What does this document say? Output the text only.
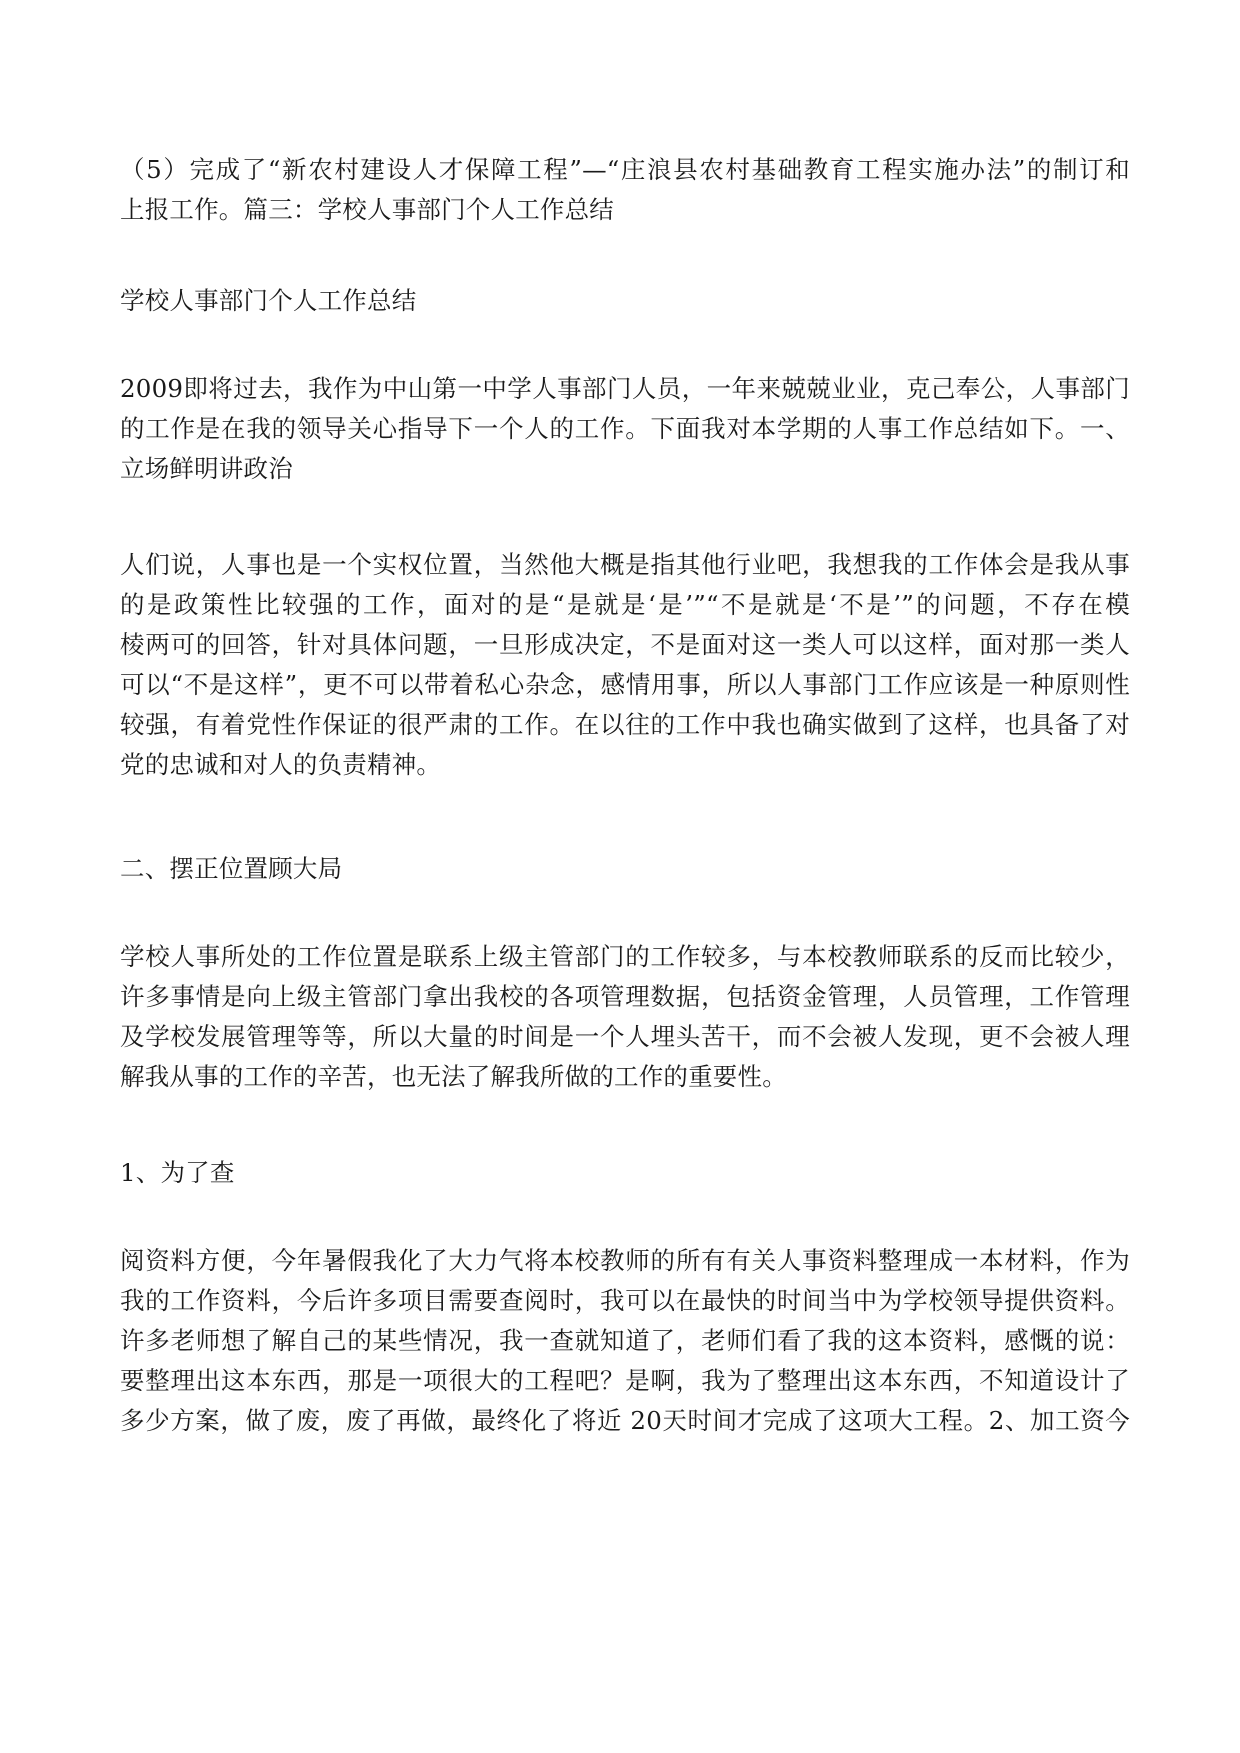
（5）完成了“新农村建设人才保障工程”—“庄浪县农村基础教育工程实施办法”的制订和
上报工作。篇三：学校人事部门个人工作总结
学校人事部门个人工作总结
2009即将过去，我作为中山第一中学人事部门人员，一年来兢兢业业，克己奉公，人事部门
的工作是在我的领导关心指导下一个人的工作。下面我对本学期的人事工作总结如下。一、
立场鲜明讲政治
人们说，人事也是一个实权位置，当然他大概是指其他行业吧，我想我的工作体会是我从事
的是政策性比较强的工作，面对的是“是就是‘是’”“不是就是‘不是’”的问题，不存在模
棱两可的回答，针对具体问题，一旦形成决定，不是面对这一类人可以这样，面对那一类人
可以“不是这样”，更不可以带着私心杂念，感情用事，所以人事部门工作应该是一种原则性
较强，有着党性作保证的很严肃的工作。在以往的工作中我也确实做到了这样，也具备了对
党的忠诚和对人的负责精神。
二、摆正位置顾大局
学校人事所处的工作位置是联系上级主管部门的工作较多，与本校教师联系的反而比较少，
许多事情是向上级主管部门拿出我校的各项管理数据，包括资金管理，人员管理，工作管理
及学校发展管理等等，所以大量的时间是一个人埋头苦干，而不会被人发现，更不会被人理
解我从事的工作的辛苦，也无法了解我所做的工作的重要性。
1、为了查
阅资料方便，今年暑假我化了大力气将本校教师的所有有关人事资料整理成一本材料，作为
我的工作资料，今后许多项目需要查阅时，我可以在最快的时间当中为学校领导提供资料。
许多老师想了解自己的某些情况，我一查就知道了，老师们看了我的这本资料，感慨的说：
要整理出这本东西，那是一项很大的工程吧？是啊，我为了整理出这本东西，不知道设计了
多少方案，做了废，废了再做，最终化了将近 20天时间才完成了这项大工程。2、加工资今
